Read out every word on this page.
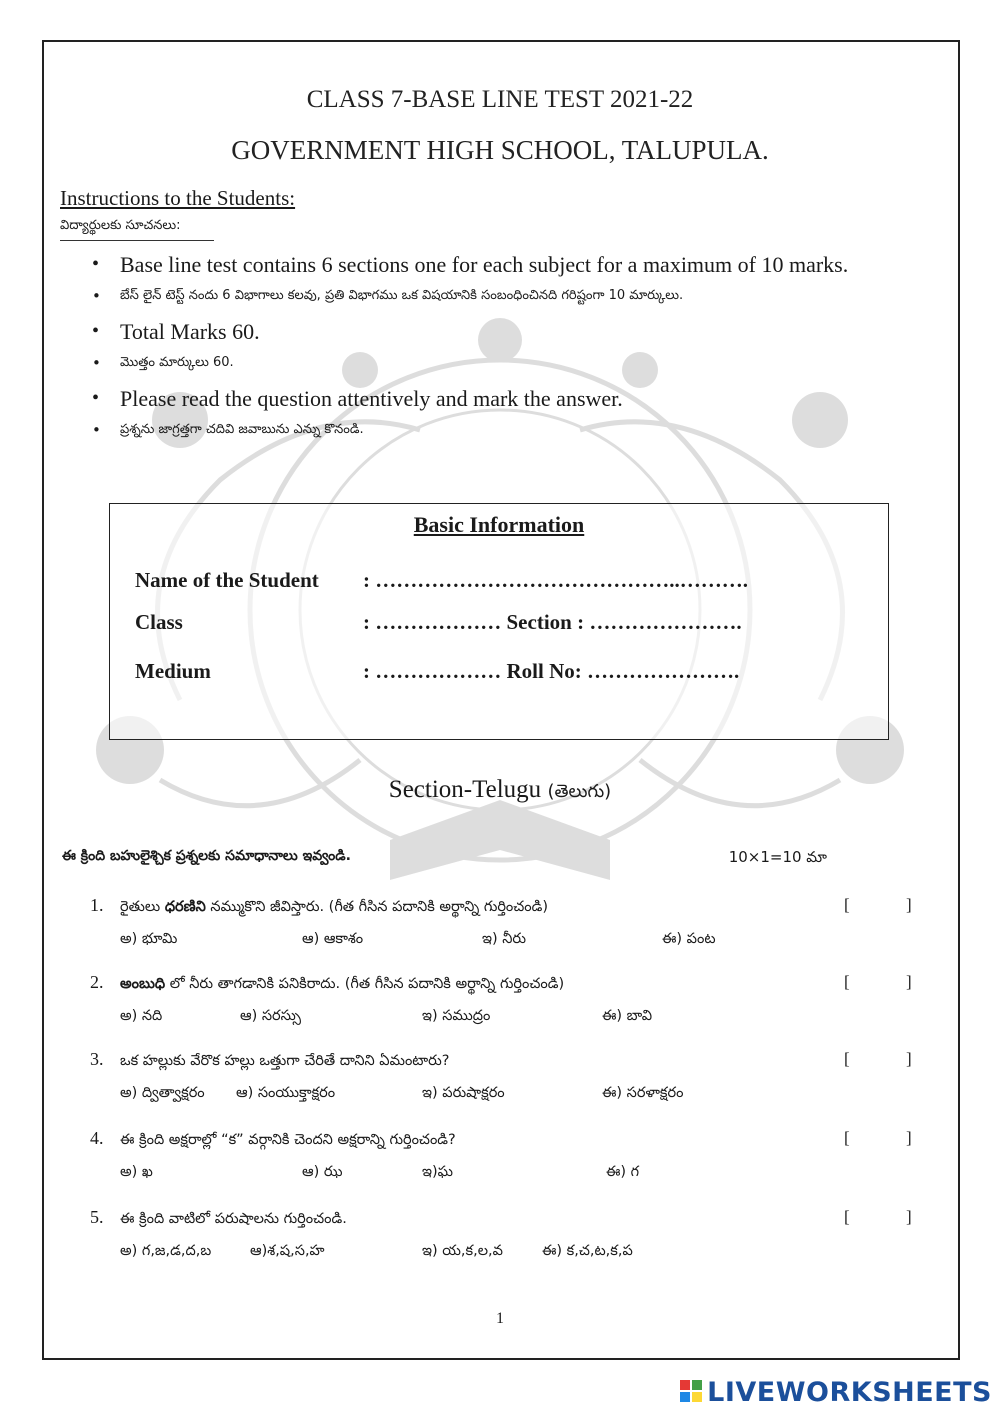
CLASS 7-BASE LINE TEST 2021-22
GOVERNMENT HIGH SCHOOL, TALUPULA.
Instructions to the Students:
విద్యార్థులకు సూచనలు:
• Base line test contains 6 sections one for each subject for a maximum of 10 marks.
• బేస్ లైన్ టెస్ట్ నందు 6 విభాగాలు కలవు, ప్రతి విభాగము ఒక విషయానికి సంబంధించినది గరిష్టంగా 10 మార్కులు.
• Total Marks 60.
• మొత్తం మార్కులు 60.
• Please read the question attentively and mark the answer.
• ప్రశ్నను జాగ్రత్తగా చదివి జవాబును ఎన్ను కొనండి.
Basic Information
Name of the Student : ……………………………………..……….
Class	: ……………… Section : ………………….
Medium	: ……………… Roll No: ………………….
Section-Telugu (తెలుగు)
ఈ క్రింది బహులైశ్చిక ప్రశ్నలకు సమాధానాలు ఇవ్వండి.	10×1=10 మా
1. రైతులు ధరణిని నమ్ముకొని జీవిస్తారు. (గీత గీసిన పదానికి అర్థాన్ని గుర్తించండి)	[	]
అ) భూమి	ఆ) ఆకాశం	ఇ) నీరు	ఈ) పంట
2. అంబుధి లో నీరు తాగడానికి పనికిరాదు. (గీత గీసిన పదానికి అర్థాన్ని గుర్తించండి)	[	]
అ) నది	ఆ) సరస్సు	ఇ) సముద్రం	ఈ) బావి
3. ఒక హల్లుకు వేరొక హల్లు ఒత్తుగా చేరితే దానిని ఏమంటారు?	[	]
అ) ద్విత్వాక్షరం ఆ) సంయుక్తాక్షరం	ఇ) పరుషాక్షరం	ఈ) సరళాక్షరం
4. ఈ క్రింది అక్షరాల్లో “క” వర్గానికి చెందని అక్షరాన్ని గుర్తించండి?	[	]
అ) ఖ	ఆ) ఝ	ఇ)ఘ	ఈ) గ
5. ఈ క్రింది వాటిలో పరుషాలను గుర్తించండి.	[	]
అ) గ,జ,డ,ద,బ	ఆ)శ,ష,స,హ	ఇ) య,క,ల,వ	ఈ) క,చ,ట,క,ప
1
LIVEWORKSHEETS
